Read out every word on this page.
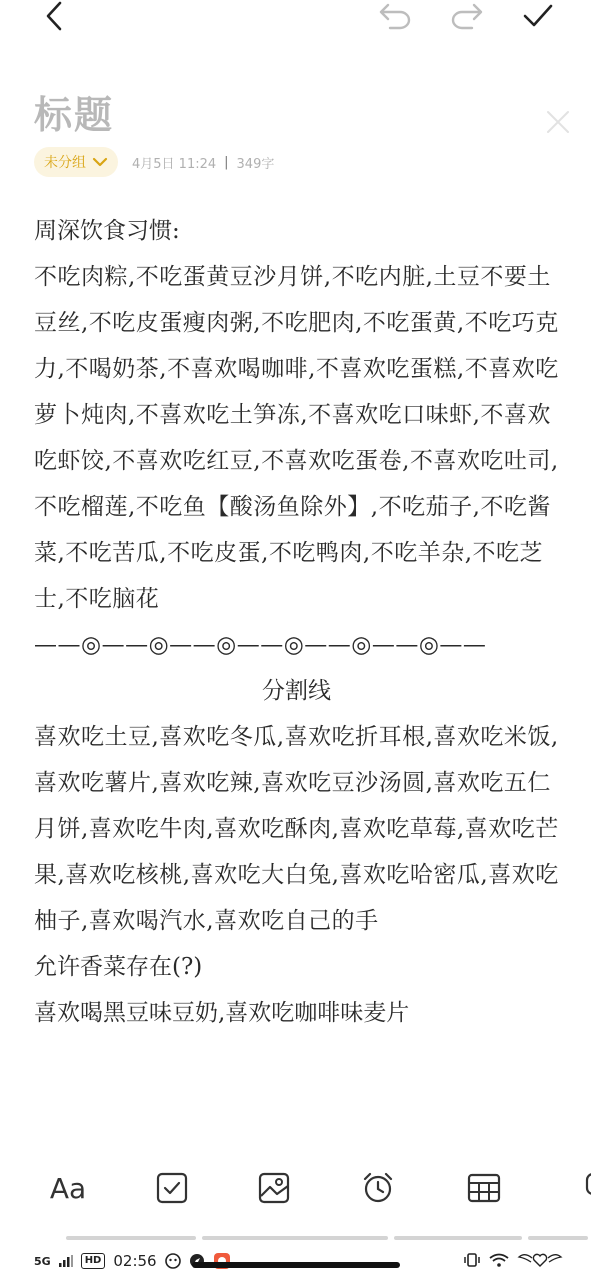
标题
未分组	4月5日 11:24 | 349字

周深饮食习惯:

不吃肉粽,不吃蛋黄豆沙月饼,不吃内脏,土豆不要土豆丝,不吃皮蛋瘦肉粥,不吃肥肉,不吃蛋黄,不吃巧克力,不喝奶茶,不喜欢喝咖啡,不喜欢吃蛋糕,不喜欢吃萝卜炖肉,不喜欢吃土笋冻,不喜欢吃口味虾,不喜欢吃虾饺,不喜欢吃红豆,不喜欢吃蛋卷,不喜欢吃吐司,不吃榴莲,不吃鱼【酸汤鱼除外】,不吃茄子,不吃酱菜,不吃苦瓜,不吃皮蛋,不吃鸭肉,不吃羊杂,不吃芝士,不吃脑花

——◎——◎——◎——◎——◎——◎——

分割线

喜欢吃土豆,喜欢吃冬瓜,喜欢吃折耳根,喜欢吃米饭,喜欢吃薯片,喜欢吃辣,喜欢吃豆沙汤圆,喜欢吃五仁月饼,喜欢吃牛肉,喜欢吃酥肉,喜欢吃草莓,喜欢吃芒果,喜欢吃核桃,喜欢吃大白兔,喜欢吃哈密瓜,喜欢吃柚子,喜欢喝汽水,喜欢吃自己的手

允许香菜存在(?)

喜欢喝黑豆味豆奶,喜欢吃咖啡味麦片

Aa
5G	HD 02:56
